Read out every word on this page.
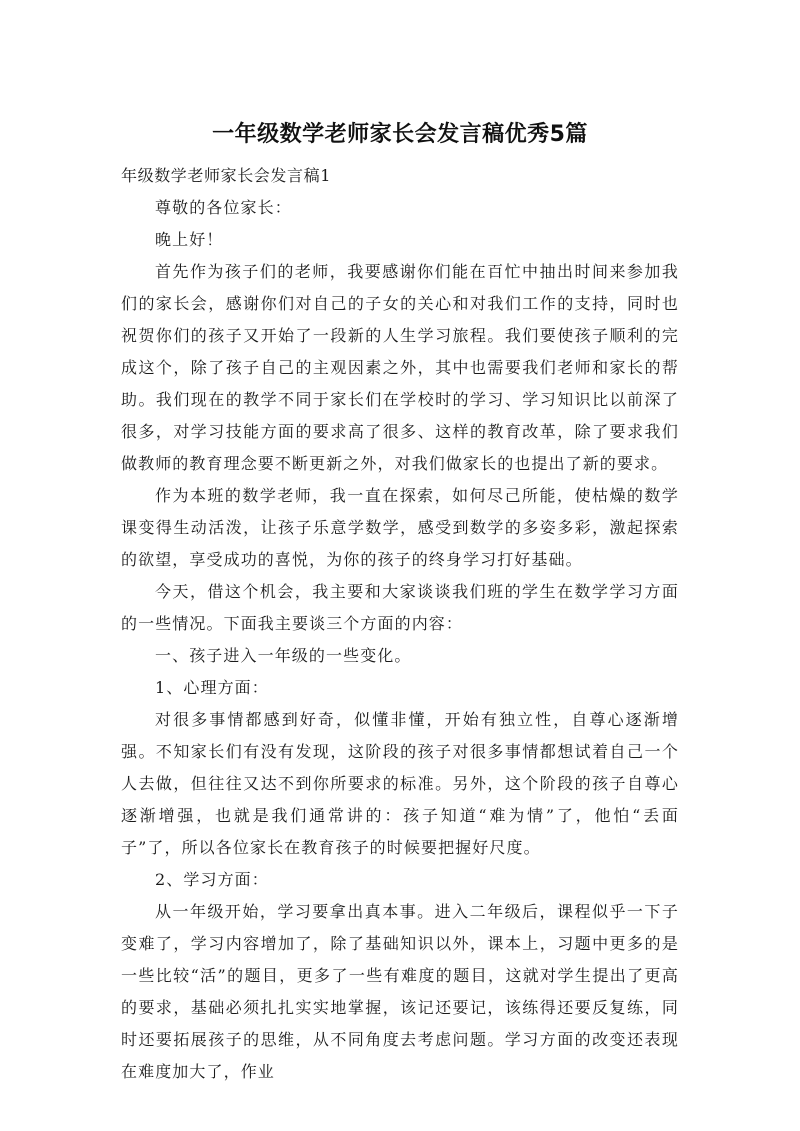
一年级数学老师家长会发言稿优秀5篇

年级数学老师家长会发言稿1

尊敬的各位家长：

晚上好！

首先作为孩子们的老师，我要感谢你们能在百忙中抽出时间来参加我们的家长会，感谢你们对自己的子女的关心和对我们工作的支持，同时也祝贺你们的孩子又开始了一段新的人生学习旅程。我们要使孩子顺利的完成这个，除了孩子自己的主观因素之外，其中也需要我们老师和家长的帮助。我们现在的教学不同于家长们在学校时的学习、学习知识比以前深了很多，对学习技能方面的要求高了很多、这样的教育改革，除了要求我们做教师的教育理念要不断更新之外，对我们做家长的也提出了新的要求。

作为本班的数学老师，我一直在探索，如何尽己所能，使枯燥的数学课变得生动活泼，让孩子乐意学数学，感受到数学的多姿多彩，激起探索的欲望，享受成功的喜悦，为你的孩子的终身学习打好基础。

今天，借这个机会，我主要和大家谈谈我们班的学生在数学学习方面的一些情况。下面我主要谈三个方面的内容：

一、孩子进入一年级的一些变化。

1、心理方面：

对很多事情都感到好奇，似懂非懂，开始有独立性，自尊心逐渐增强。不知家长们有没有发现，这阶段的孩子对很多事情都想试着自己一个人去做，但往往又达不到你所要求的标准。另外，这个阶段的孩子自尊心逐渐增强，也就是我们通常讲的：孩子知道“难为情”了，他怕“丢面子”了，所以各位家长在教育孩子的时候要把握好尺度。

2、学习方面：

从一年级开始，学习要拿出真本事。进入二年级后，课程似乎一下子变难了，学习内容增加了，除了基础知识以外，课本上，习题中更多的是一些比较“活”的题目，更多了一些有难度的题目，这就对学生提出了更高的要求，基础必须扎扎实实地掌握，该记还要记，该练得还要反复练，同时还要拓展孩子的思维，从不同角度去考虑问题。学习方面的改变还表现在难度加大了，作业
